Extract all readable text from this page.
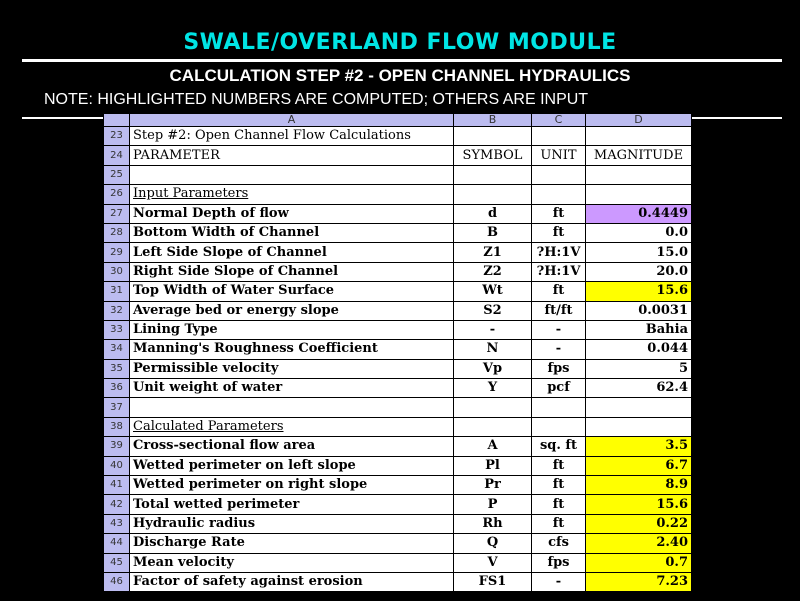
SWALE/OVERLAND FLOW MODULE
CALCULATION STEP #2 - OPEN CHANNEL HYDRAULICS
NOTE: HIGHLIGHTED NUMBERS ARE COMPUTED; OTHERS ARE INPUT
	A	B	C	D
23	Step #2: Open Channel Flow Calculations			
24	PARAMETER	SYMBOL	UNIT	MAGNITUDE
25				
26	Input Parameters			
27	Normal Depth of flow	d	ft	0.4449
28	Bottom Width of Channel	B	ft	0.0
29	Left Side Slope of Channel	Z1	?H:1V	15.0
30	Right Side Slope of Channel	Z2	?H:1V	20.0
31	Top Width of Water Surface	Wt	ft	15.6
32	Average bed or energy slope	S2	ft/ft	0.0031
33	Lining Type	-	-	Bahia
34	Manning's Roughness Coefficient	N	-	0.044
35	Permissible velocity	Vp	fps	5
36	Unit weight of water	Y	pcf	62.4
37				
38	Calculated Parameters			
39	Cross-sectional flow area	A	sq. ft	3.5
40	Wetted perimeter on left slope	Pl	ft	6.7
41	Wetted perimeter on right slope	Pr	ft	8.9
42	Total wetted perimeter	P	ft	15.6
43	Hydraulic radius	Rh	ft	0.22
44	Discharge Rate	Q	cfs	2.40
45	Mean velocity	V	fps	0.7
46	Factor of safety against erosion	FS1	-	7.23
